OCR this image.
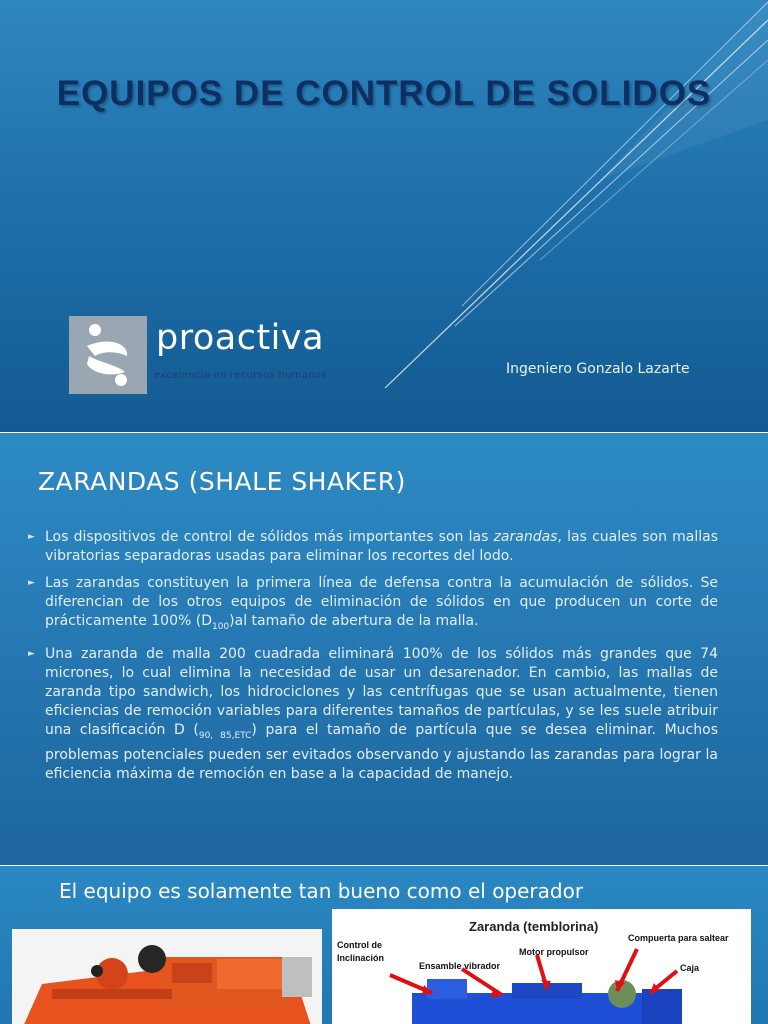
EQUIPOS DE CONTROL DE SOLIDOS
proactiva
excelencia en recursos humanos	Ingeniero Gonzalo Lazarte
ZARANDAS (SHALE SHAKER)
► Los dispositivos de control de sólidos más importantes son las zarandas, las cuales son mallas vibratorias separadoras usadas para eliminar los recortes del lodo.
► Las zarandas constituyen la primera línea de defensa contra la acumulación de sólidos. Se diferencian de los otros equipos de eliminación de sólidos en que producen un corte de prácticamente 100% $(D_{100})al$ tamaño de abertura de la malla.
► Una zaranda de malla 200 cuadrada eliminará 100% de los sólidos más grandes que 74 micrones, lo cual elimina la necesidad de usar un desarenador. En cambio, las mallas de zaranda tipo sandwich, los hidrociclones y las centrífugas que se usan actualmente, tienen eficiencias de remoción variables para diferentes tamaños de partículas, y se les suele atribuir una clasificación D $(_{90, 85,ETC})$ para el tamaño de partícula que se desea eliminar. Muchos problemas potenciales pueden ser evitados observando y ajustando las zarandas para lograr la eficiencia máxima de remoción en base a la capacidad de manejo.
El equipo es solamente tan bueno como el operador
Zaranda (temblorina)
Control de
Inclinación
Ensamble vibrador
Motor propulsor
Compuerta para saltear
Caja
